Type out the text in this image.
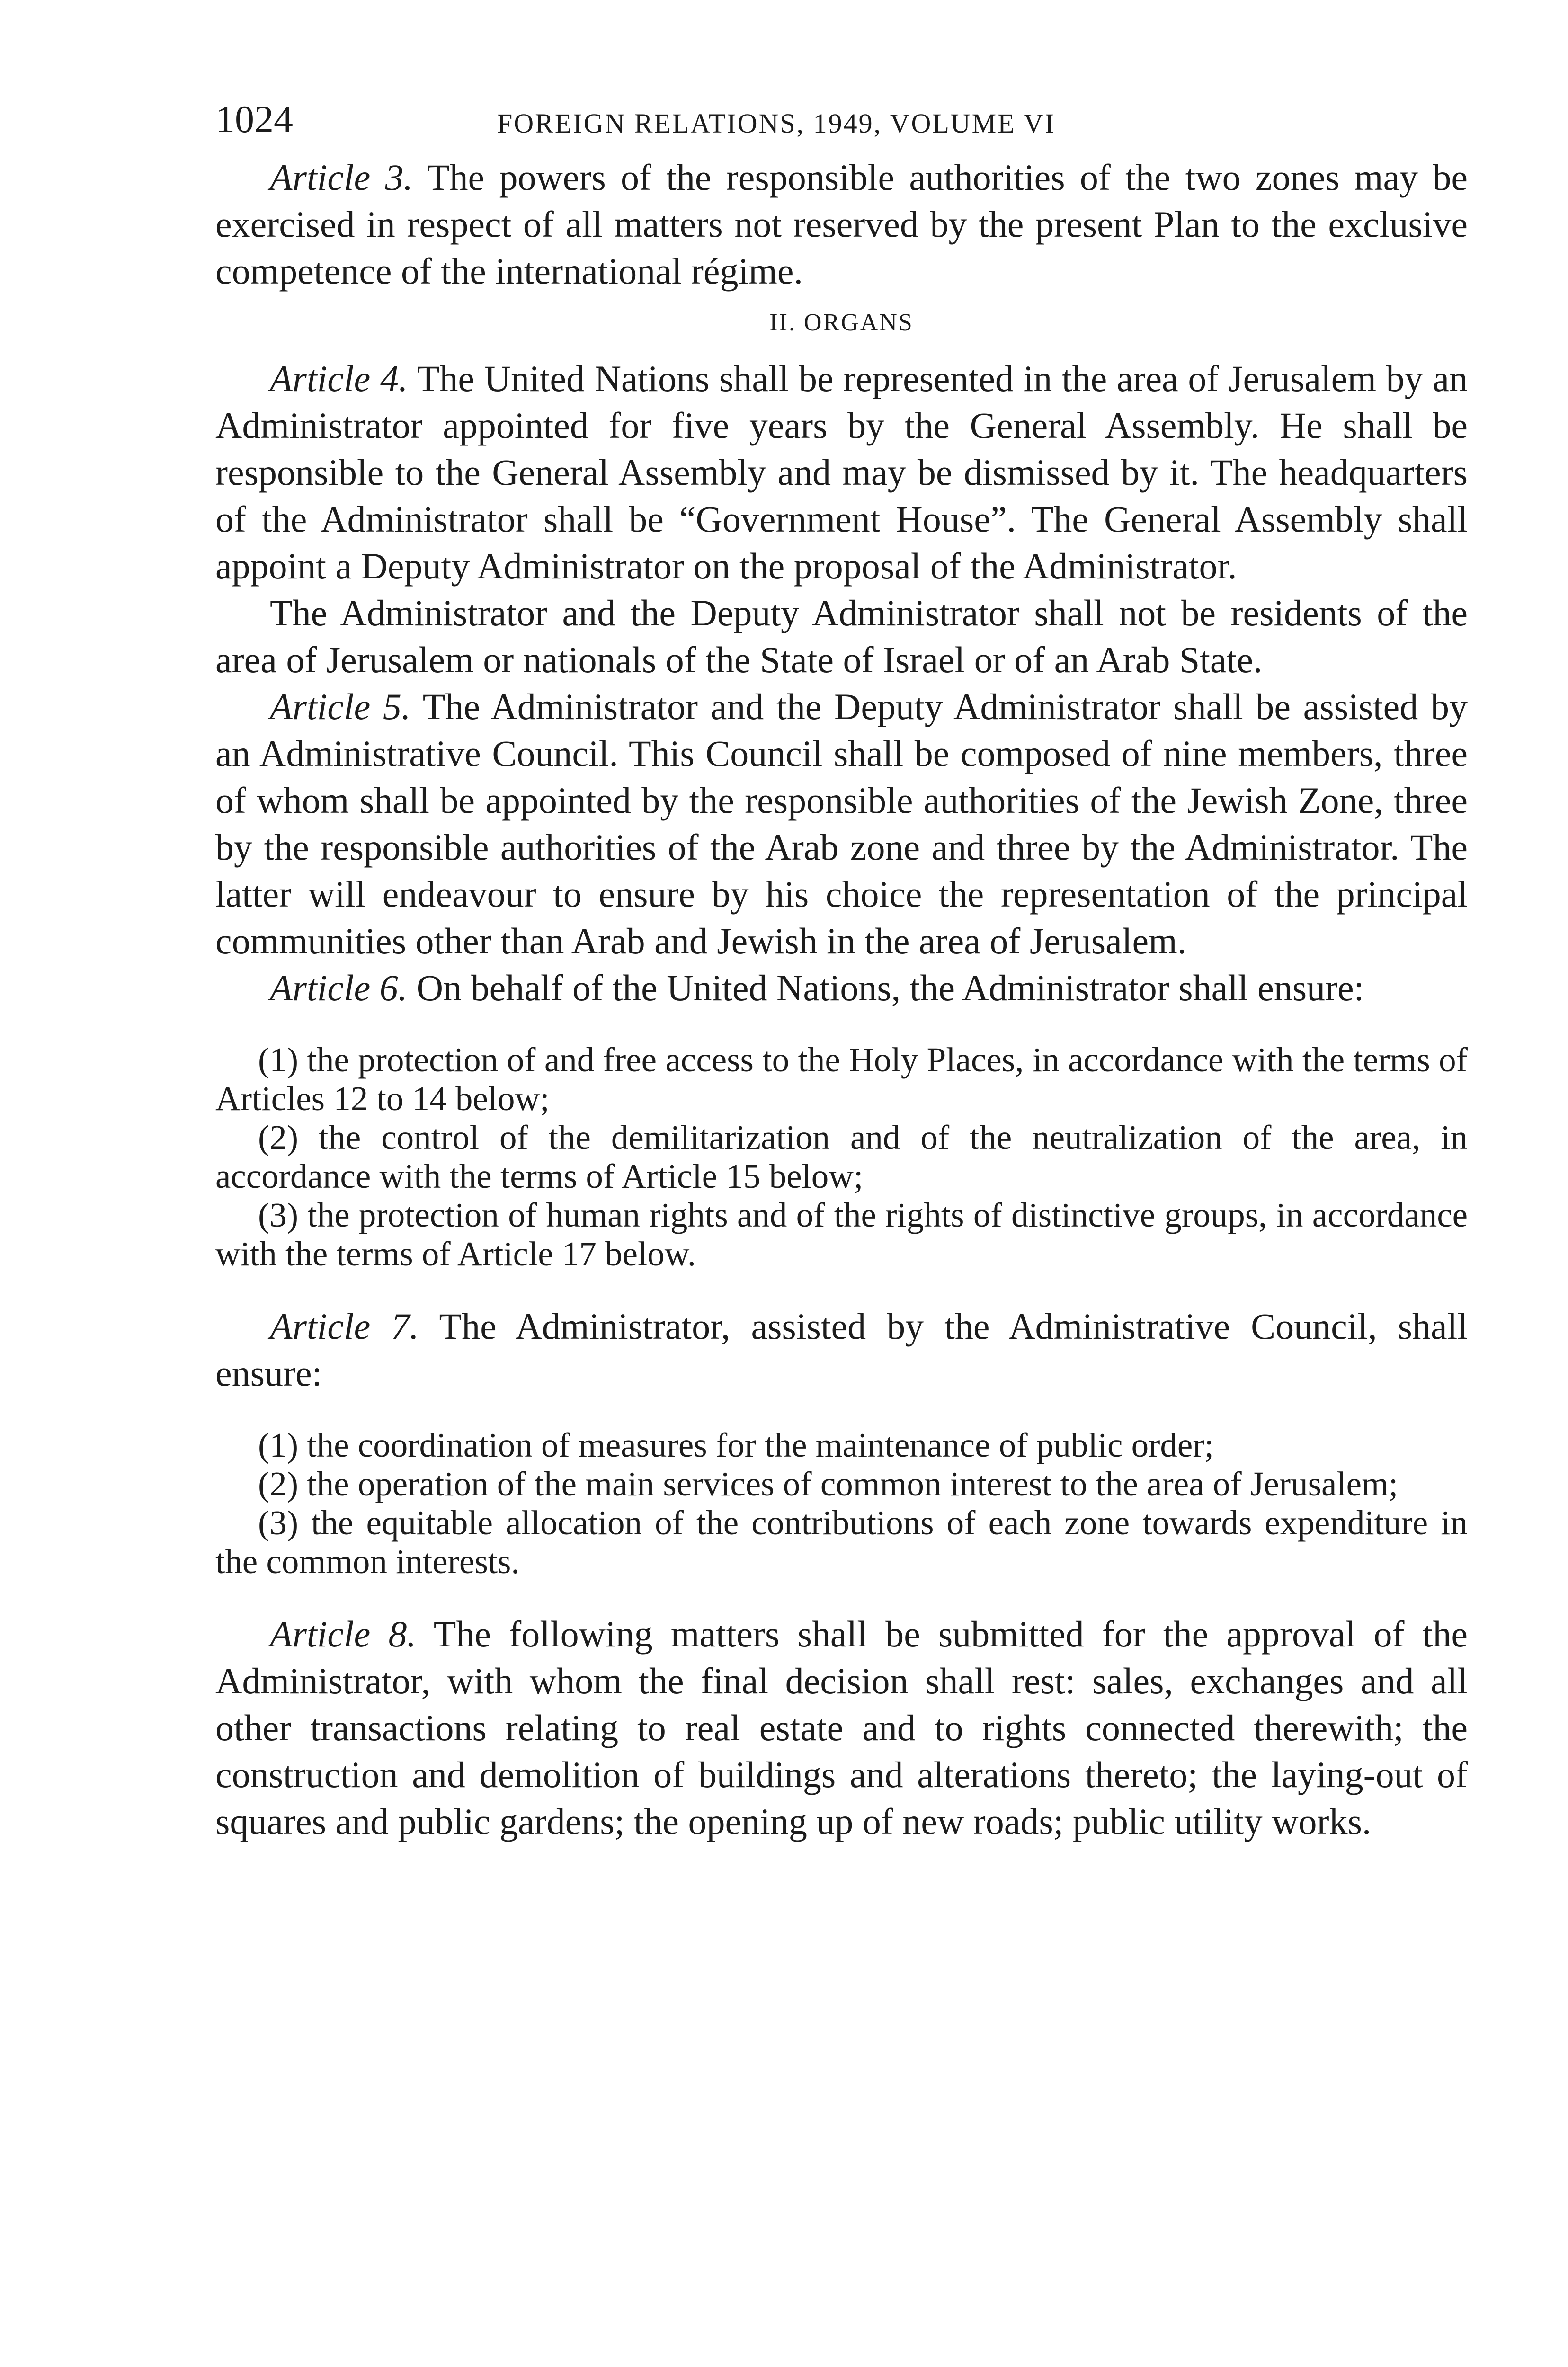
1024	FOREIGN RELATIONS, 1949, VOLUME VI

Article 3. The powers of the responsible authorities of the two zones may be exercised in respect of all matters not reserved by the present Plan to the exclusive competence of the international régime.

II. ORGANS

Article 4. The United Nations shall be represented in the area of Jerusalem by an Administrator appointed for five years by the General Assembly. He shall be responsible to the General Assembly and may be dismissed by it. The headquarters of the Administrator shall be “Government House”. The General Assembly shall appoint a Deputy Administrator on the proposal of the Administrator.

The Administrator and the Deputy Administrator shall not be residents of the area of Jerusalem or nationals of the State of Israel or of an Arab State.

Article 5. The Administrator and the Deputy Administrator shall be assisted by an Administrative Council. This Council shall be composed of nine members, three of whom shall be appointed by the responsible authorities of the Jewish Zone, three by the responsible authorities of the Arab zone and three by the Administrator. The latter will endeavour to ensure by his choice the representation of the principal communities other than Arab and Jewish in the area of Jerusalem.

Article 6. On behalf of the United Nations, the Administrator shall ensure:

(1) the protection of and free access to the Holy Places, in accordance with the terms of Articles 12 to 14 below;

(2) the control of the demilitarization and of the neutralization of the area, in accordance with the terms of Article 15 below;

(3) the protection of human rights and of the rights of distinctive groups, in accordance with the terms of Article 17 below.

Article 7. The Administrator, assisted by the Administrative Council, shall ensure:

(1) the coordination of measures for the maintenance of public order;

(2) the operation of the main services of common interest to the area of Jerusalem;

(3) the equitable allocation of the contributions of each zone towards expenditure in the common interests.

Article 8. The following matters shall be submitted for the approval of the Administrator, with whom the final decision shall rest: sales, exchanges and all other transactions relating to real estate and to rights connected therewith; the construction and demolition of buildings and alterations thereto; the laying-out of squares and public gardens; the opening up of new roads; public utility works.
